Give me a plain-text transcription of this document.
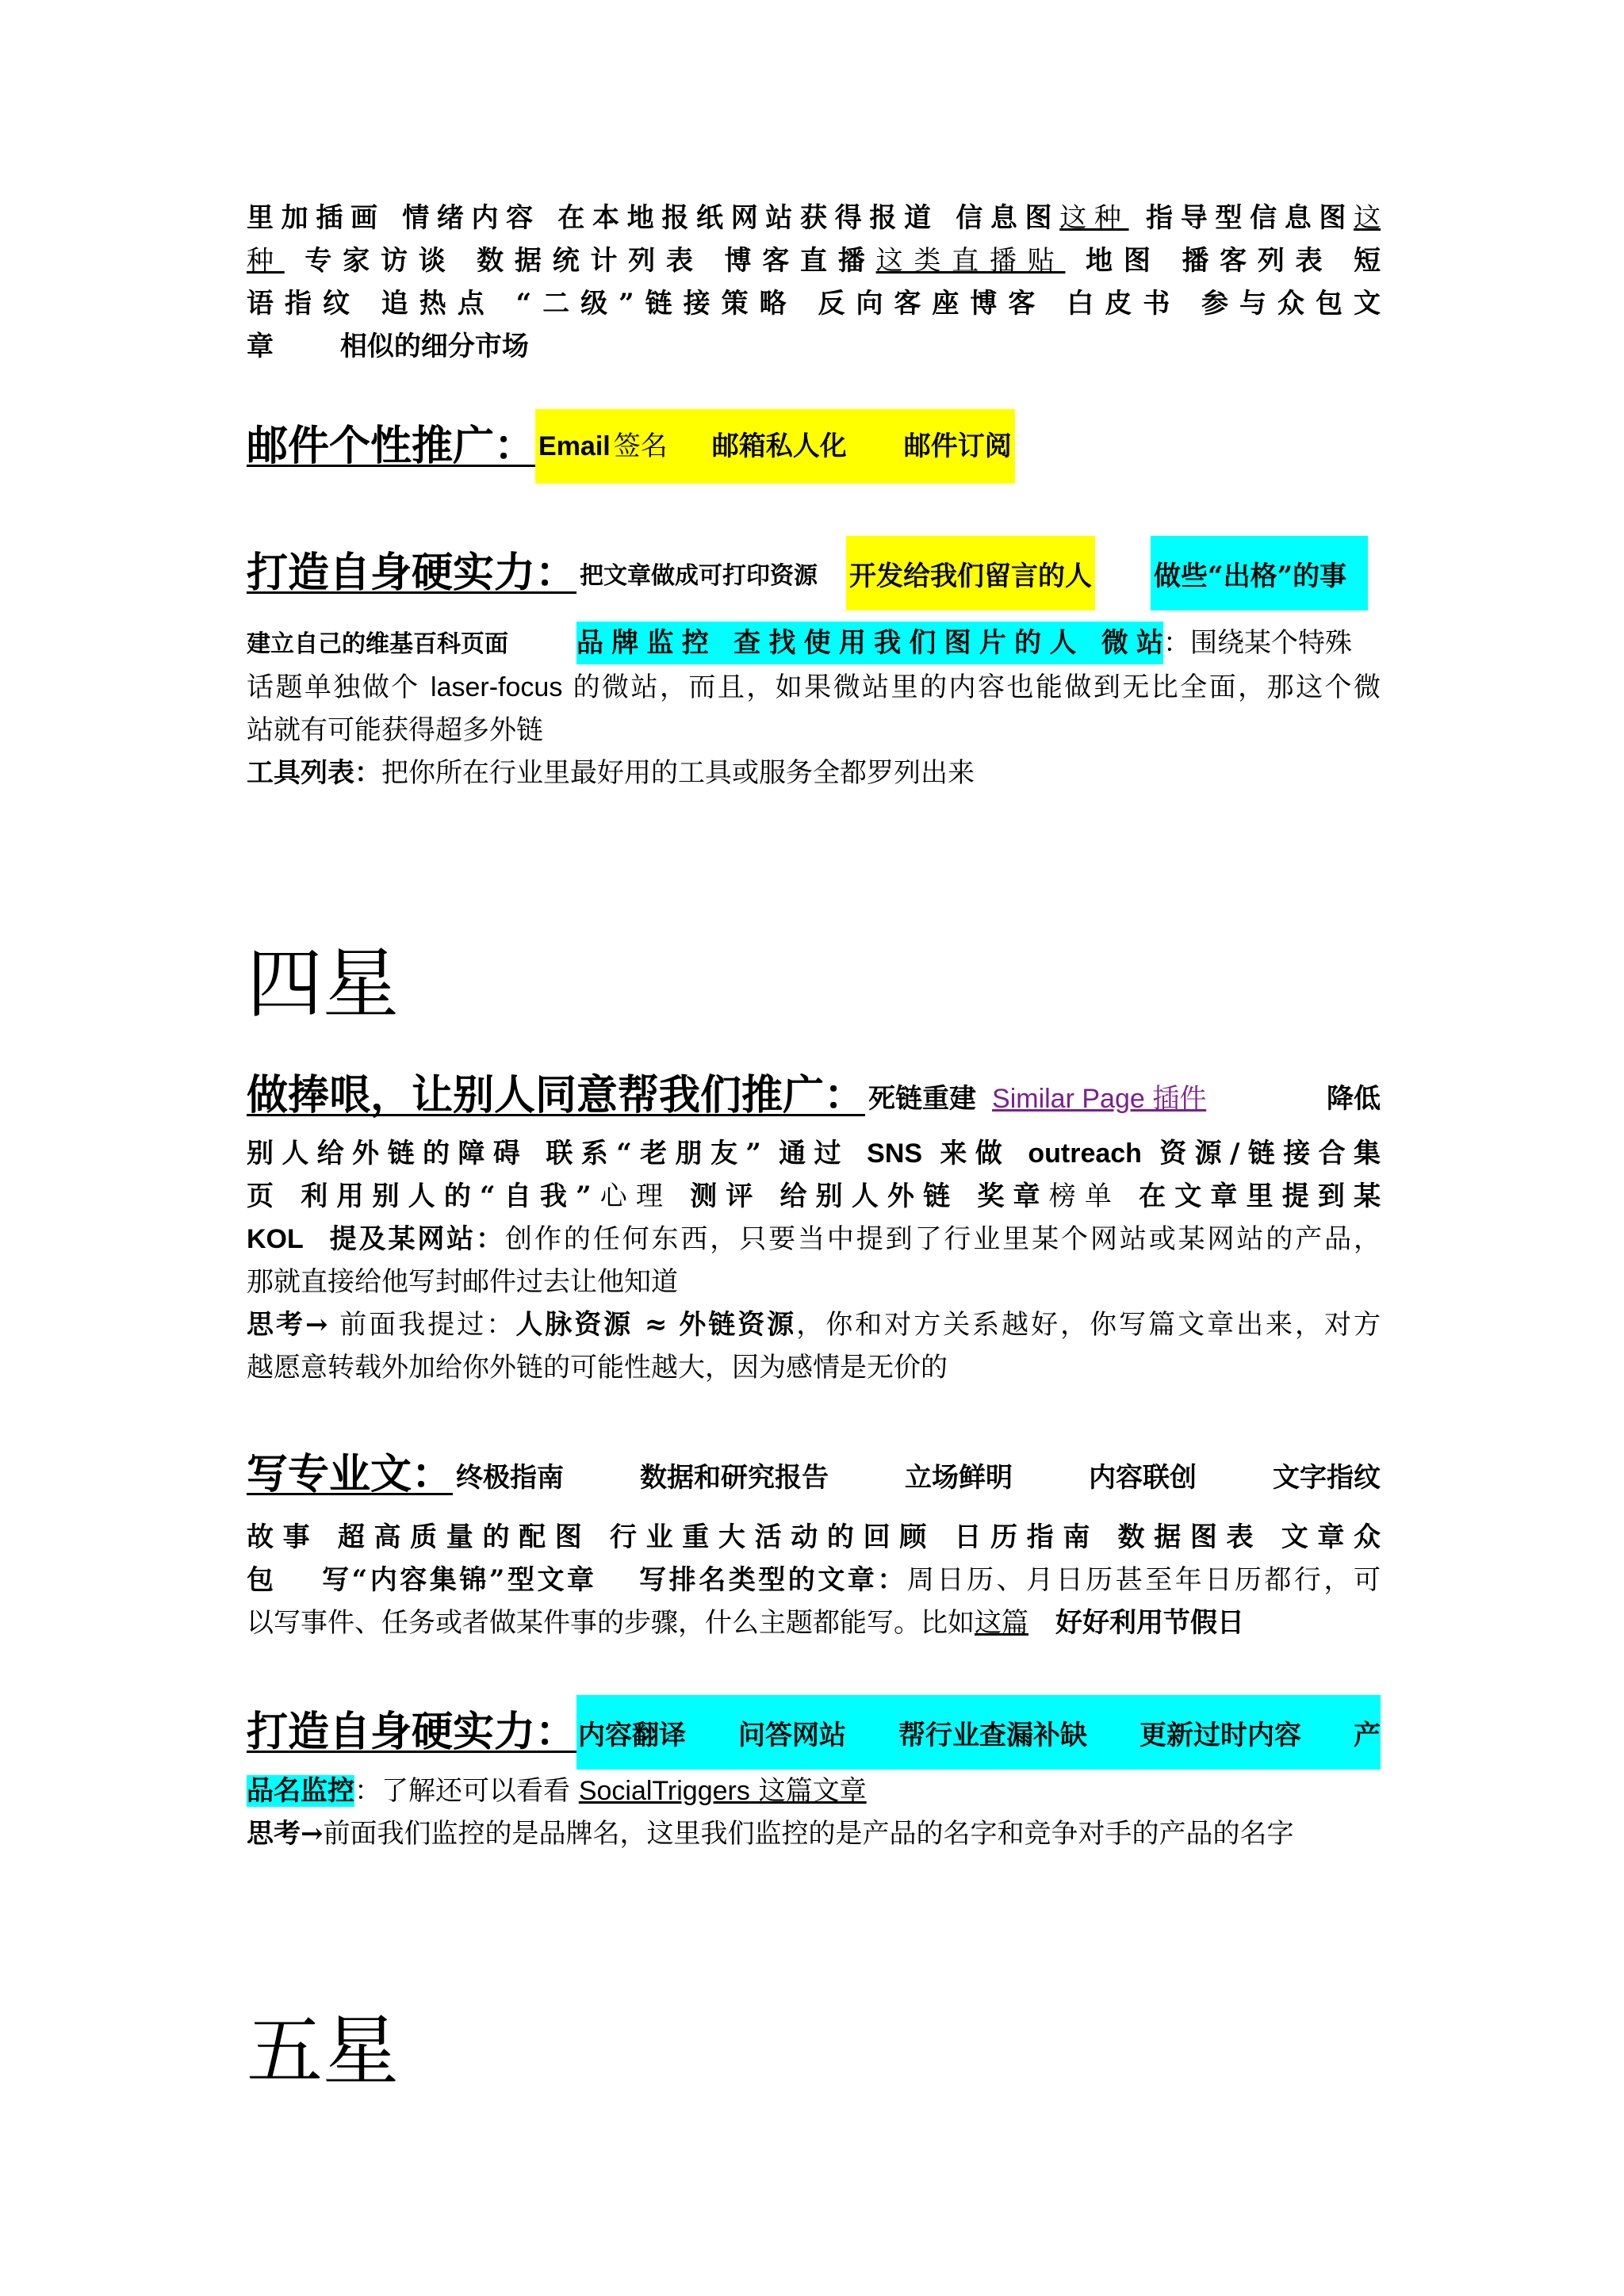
里加插画 情绪内容 在本地报纸网站获得报道 信息图这种 指导型信息图这

种 专家访谈 数据统计列表 博客直播这类直播贴 地图 播客列表 短

语指纹 追热点 “二级”链接策略 反向客座博客 白皮书 参与众包文

章 相似的细分市场

邮件个性推广： Email 签名 邮箱私人化 邮件订阅
打造自身硬实力： 把文章做成可打印资源 开发给我们留言的人 做些“出格”的事

建立自己的维基百科页面	品牌监控 查找使用我们图片的人 微站：围绕某个特殊

话题单独做个 laser-focus 的微站，而且，如果微站里的内容也能做到无比全面，那这个微

站就有可能获得超多外链

工具列表：把你所在行业里最好用的工具或服务全都罗列出来

四星

做捧哏，让别人同意帮我们推广： 死链重建 Similar Page 插件	降低

别人给外链的障碍 联系“老朋友” 通过 SNS 来做 outreach 资源/链接合集

页 利用别人的“自我”心理 测评 给别人外链 奖章榜单 在文章里提到某

KOL 提及某网站：创作的任何东西，只要当中提到了行业里某个网站或某网站的产品，

那就直接给他写封邮件过去让他知道

思考→ 前面我提过：人脉资源 ≈ 外链资源，你和对方关系越好，你写篇文章出来，对方

越愿意转载外加给你外链的可能性越大，因为感情是无价的

写专业文： 终极指南	数据和研究报告	立场鲜明	内容联创	文字指纹

故事 超高质量的配图 行业重大活动的回顾 日历指南 数据图表 文章众

包 写“内容集锦”型文章 写排名类型的文章：周日历、月日历甚至年日历都行，可

以写事件、任务或者做某件事的步骤，什么主题都能写。比如这篇 好好利用节假日

打造自身硬实力： 内容翻译 问答网站 帮行业查漏补缺 更新过时内容 产

品名监控：了解还可以看看 SocialTriggers 这篇文章

思考→前面我们监控的是品牌名，这里我们监控的是产品的名字和竞争对手的产品的名字

五星
